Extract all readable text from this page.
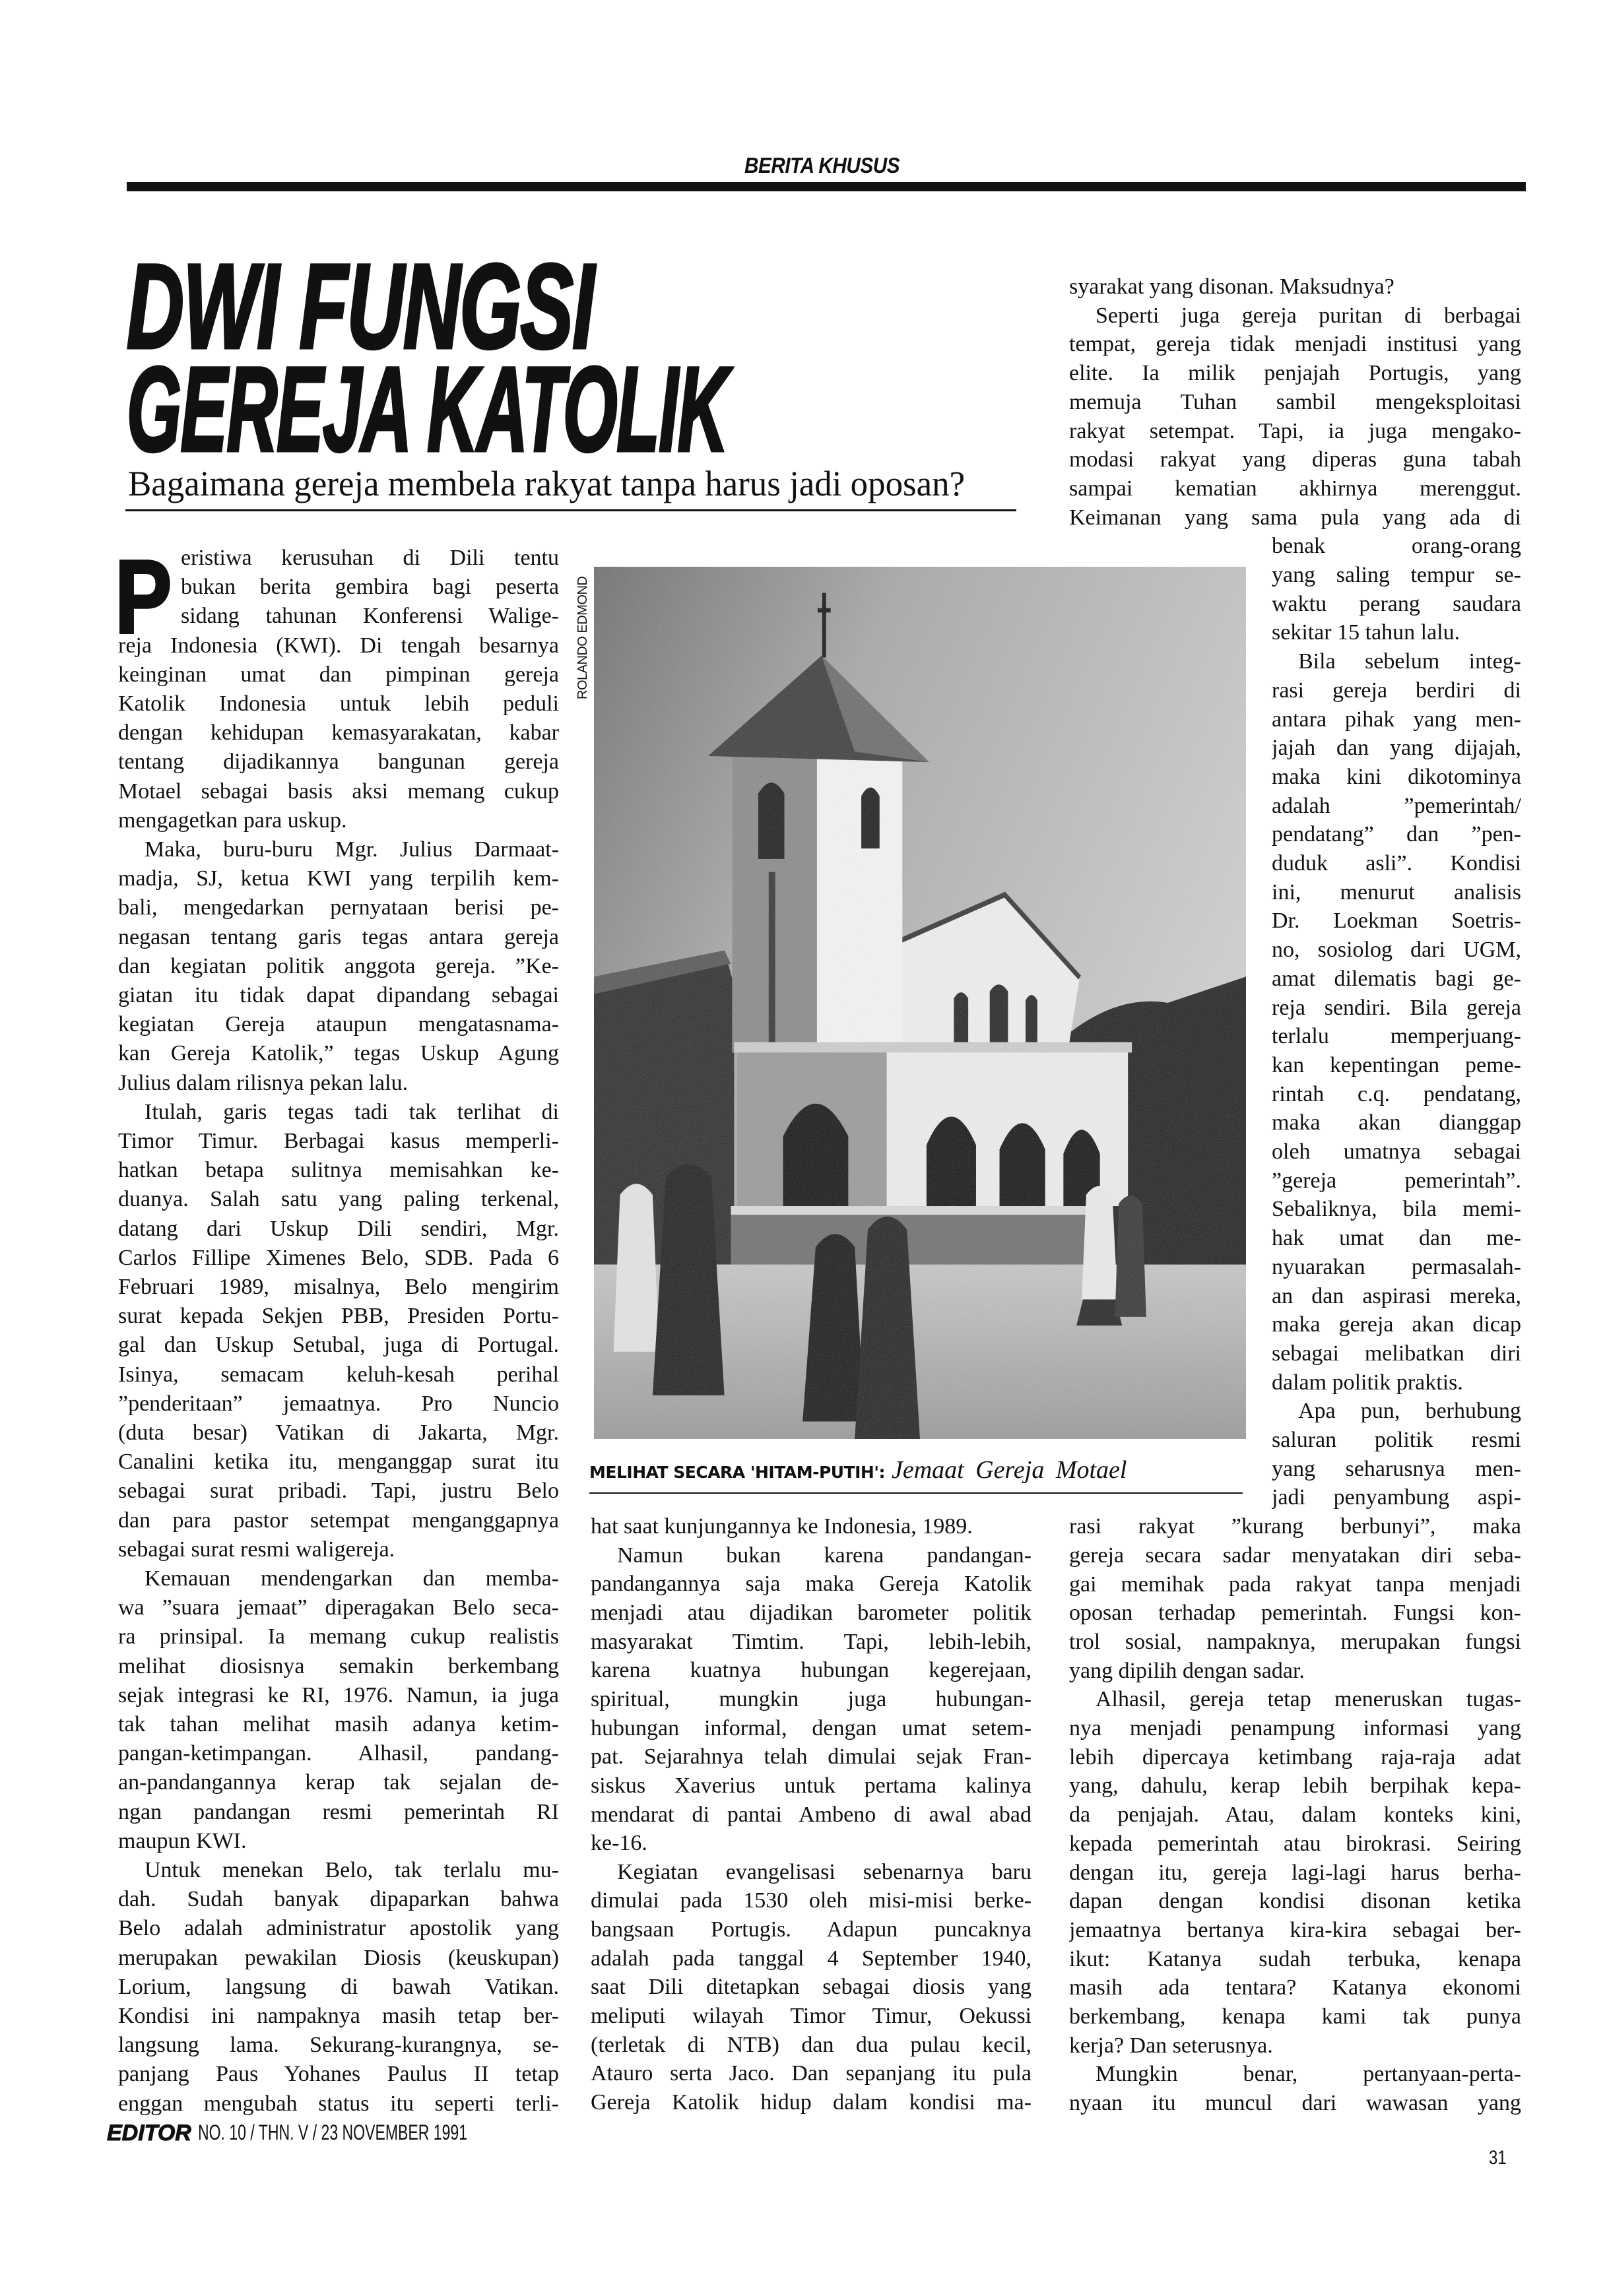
BERITA KHUSUS
DWI FUNGSI
GEREJA KATOLIK
Bagaimana gereja membela rakyat tanpa harus jadi oposan?
P	ROLANDO EDMOND
MELIHAT SECARA 'HITAM-PUTIH': Jemaat Gereja Motael
eristiwa kerusuhan di Dili tentu
bukan berita gembira bagi peserta
sidang tahunan Konferensi Walige-
reja Indonesia (KWI). Di tengah besarnya
keinginan umat dan pimpinan gereja
Katolik Indonesia untuk lebih peduli
dengan kehidupan kemasyarakatan, kabar
tentang dijadikannya bangunan gereja
Motael sebagai basis aksi memang cukup
mengagetkan para uskup.
Maka, buru-buru Mgr. Julius Darmaat-
madja, SJ, ketua KWI yang terpilih kem-
bali, mengedarkan pernyataan berisi pe-
negasan tentang garis tegas antara gereja
dan kegiatan politik anggota gereja. ”Ke-
giatan itu tidak dapat dipandang sebagai
kegiatan Gereja ataupun mengatasnama-
kan Gereja Katolik,” tegas Uskup Agung
Julius dalam rilisnya pekan lalu.
Itulah, garis tegas tadi tak terlihat di
Timor Timur. Berbagai kasus memperli-
hatkan betapa sulitnya memisahkan ke-
duanya. Salah satu yang paling terkenal,
datang dari Uskup Dili sendiri, Mgr.
Carlos Fillipe Ximenes Belo, SDB. Pada 6
Februari 1989, misalnya, Belo mengirim
surat kepada Sekjen PBB, Presiden Portu-
gal dan Uskup Setubal, juga di Portugal.
Isinya, semacam keluh-kesah perihal
”penderitaan” jemaatnya. Pro Nuncio
(duta besar) Vatikan di Jakarta, Mgr.
Canalini ketika itu, menganggap surat itu
sebagai surat pribadi. Tapi, justru Belo
dan para pastor setempat menganggapnya
sebagai surat resmi waligereja.
Kemauan mendengarkan dan memba-
wa ”suara jemaat” diperagakan Belo seca-
ra prinsipal. Ia memang cukup realistis
melihat diosisnya semakin berkembang
sejak integrasi ke RI, 1976. Namun, ia juga
tak tahan melihat masih adanya ketim-
pangan-ketimpangan. Alhasil, pandang-
an-pandangannya kerap tak sejalan de-
ngan pandangan resmi pemerintah RI
maupun KWI.
Untuk menekan Belo, tak terlalu mu-
dah. Sudah banyak dipaparkan bahwa
Belo adalah administratur apostolik yang
merupakan pewakilan Diosis (keuskupan)
Lorium, langsung di bawah Vatikan.
Kondisi ini nampaknya masih tetap ber-
langsung lama. Sekurang-kurangnya, se-
panjang Paus Yohanes Paulus II tetap
enggan mengubah status itu seperti terli-
hat saat kunjungannya ke Indonesia, 1989.
Namun bukan karena pandangan-
pandangannya saja maka Gereja Katolik
menjadi atau dijadikan barometer politik
masyarakat Timtim. Tapi, lebih-lebih,
karena kuatnya hubungan kegerejaan,
spiritual, mungkin juga hubungan-
hubungan informal, dengan umat setem-
pat. Sejarahnya telah dimulai sejak Fran-
siskus Xaverius untuk pertama kalinya
mendarat di pantai Ambeno di awal abad
ke-16.
Kegiatan evangelisasi sebenarnya baru
dimulai pada 1530 oleh misi-misi berke-
bangsaan Portugis. Adapun puncaknya
adalah pada tanggal 4 September 1940,
saat Dili ditetapkan sebagai diosis yang
meliputi wilayah Timor Timur, Oekussi
(terletak di NTB) dan dua pulau kecil,
Atauro serta Jaco. Dan sepanjang itu pula
Gereja Katolik hidup dalam kondisi ma-
syarakat yang disonan. Maksudnya?
Seperti juga gereja puritan di berbagai
tempat, gereja tidak menjadi institusi yang
elite. Ia milik penjajah Portugis, yang
memuja Tuhan sambil mengeksploitasi
rakyat setempat. Tapi, ia juga mengako-
modasi rakyat yang diperas guna tabah
sampai kematian akhirnya merenggut.
Keimanan yang sama pula yang ada di
benak orang-orang
yang saling tempur se-
waktu perang saudara
sekitar 15 tahun lalu.
Bila sebelum integ-
rasi gereja berdiri di
antara pihak yang men-
jajah dan yang dijajah,
maka kini dikotominya
adalah ”pemerintah/
pendatang” dan ”pen-
duduk asli”. Kondisi
ini, menurut analisis
Dr. Loekman Soetris-
no, sosiolog dari UGM,
amat dilematis bagi ge-
reja sendiri. Bila gereja
terlalu memperjuang-
kan kepentingan peme-
rintah c.q. pendatang,
maka akan dianggap
oleh umatnya sebagai
”gereja pemerintah”.
Sebaliknya, bila memi-
hak umat dan me-
nyuarakan permasalah-
an dan aspirasi mereka,
maka gereja akan dicap
sebagai melibatkan diri
dalam politik praktis.
Apa pun, berhubung
saluran politik resmi
yang seharusnya men-
jadi penyambung aspi-
rasi rakyat ”kurang berbunyi”, maka
gereja secara sadar menyatakan diri seba-
gai memihak pada rakyat tanpa menjadi
oposan terhadap pemerintah. Fungsi kon-
trol sosial, nampaknya, merupakan fungsi
yang dipilih dengan sadar.
Alhasil, gereja tetap meneruskan tugas-
nya menjadi penampung informasi yang
lebih dipercaya ketimbang raja-raja adat
yang, dahulu, kerap lebih berpihak kepa-
da penjajah. Atau, dalam konteks kini,
kepada pemerintah atau birokrasi. Seiring
dengan itu, gereja lagi-lagi harus berha-
dapan dengan kondisi disonan ketika
jemaatnya bertanya kira-kira sebagai ber-
ikut: Katanya sudah terbuka, kenapa
masih ada tentara? Katanya ekonomi
berkembang, kenapa kami tak punya
kerja? Dan seterusnya.
Mungkin benar, pertanyaan-perta-
nyaan itu muncul dari wawasan yang
EDITOR NO. 10 / THN. V / 23 NOVEMBER 1991
31
